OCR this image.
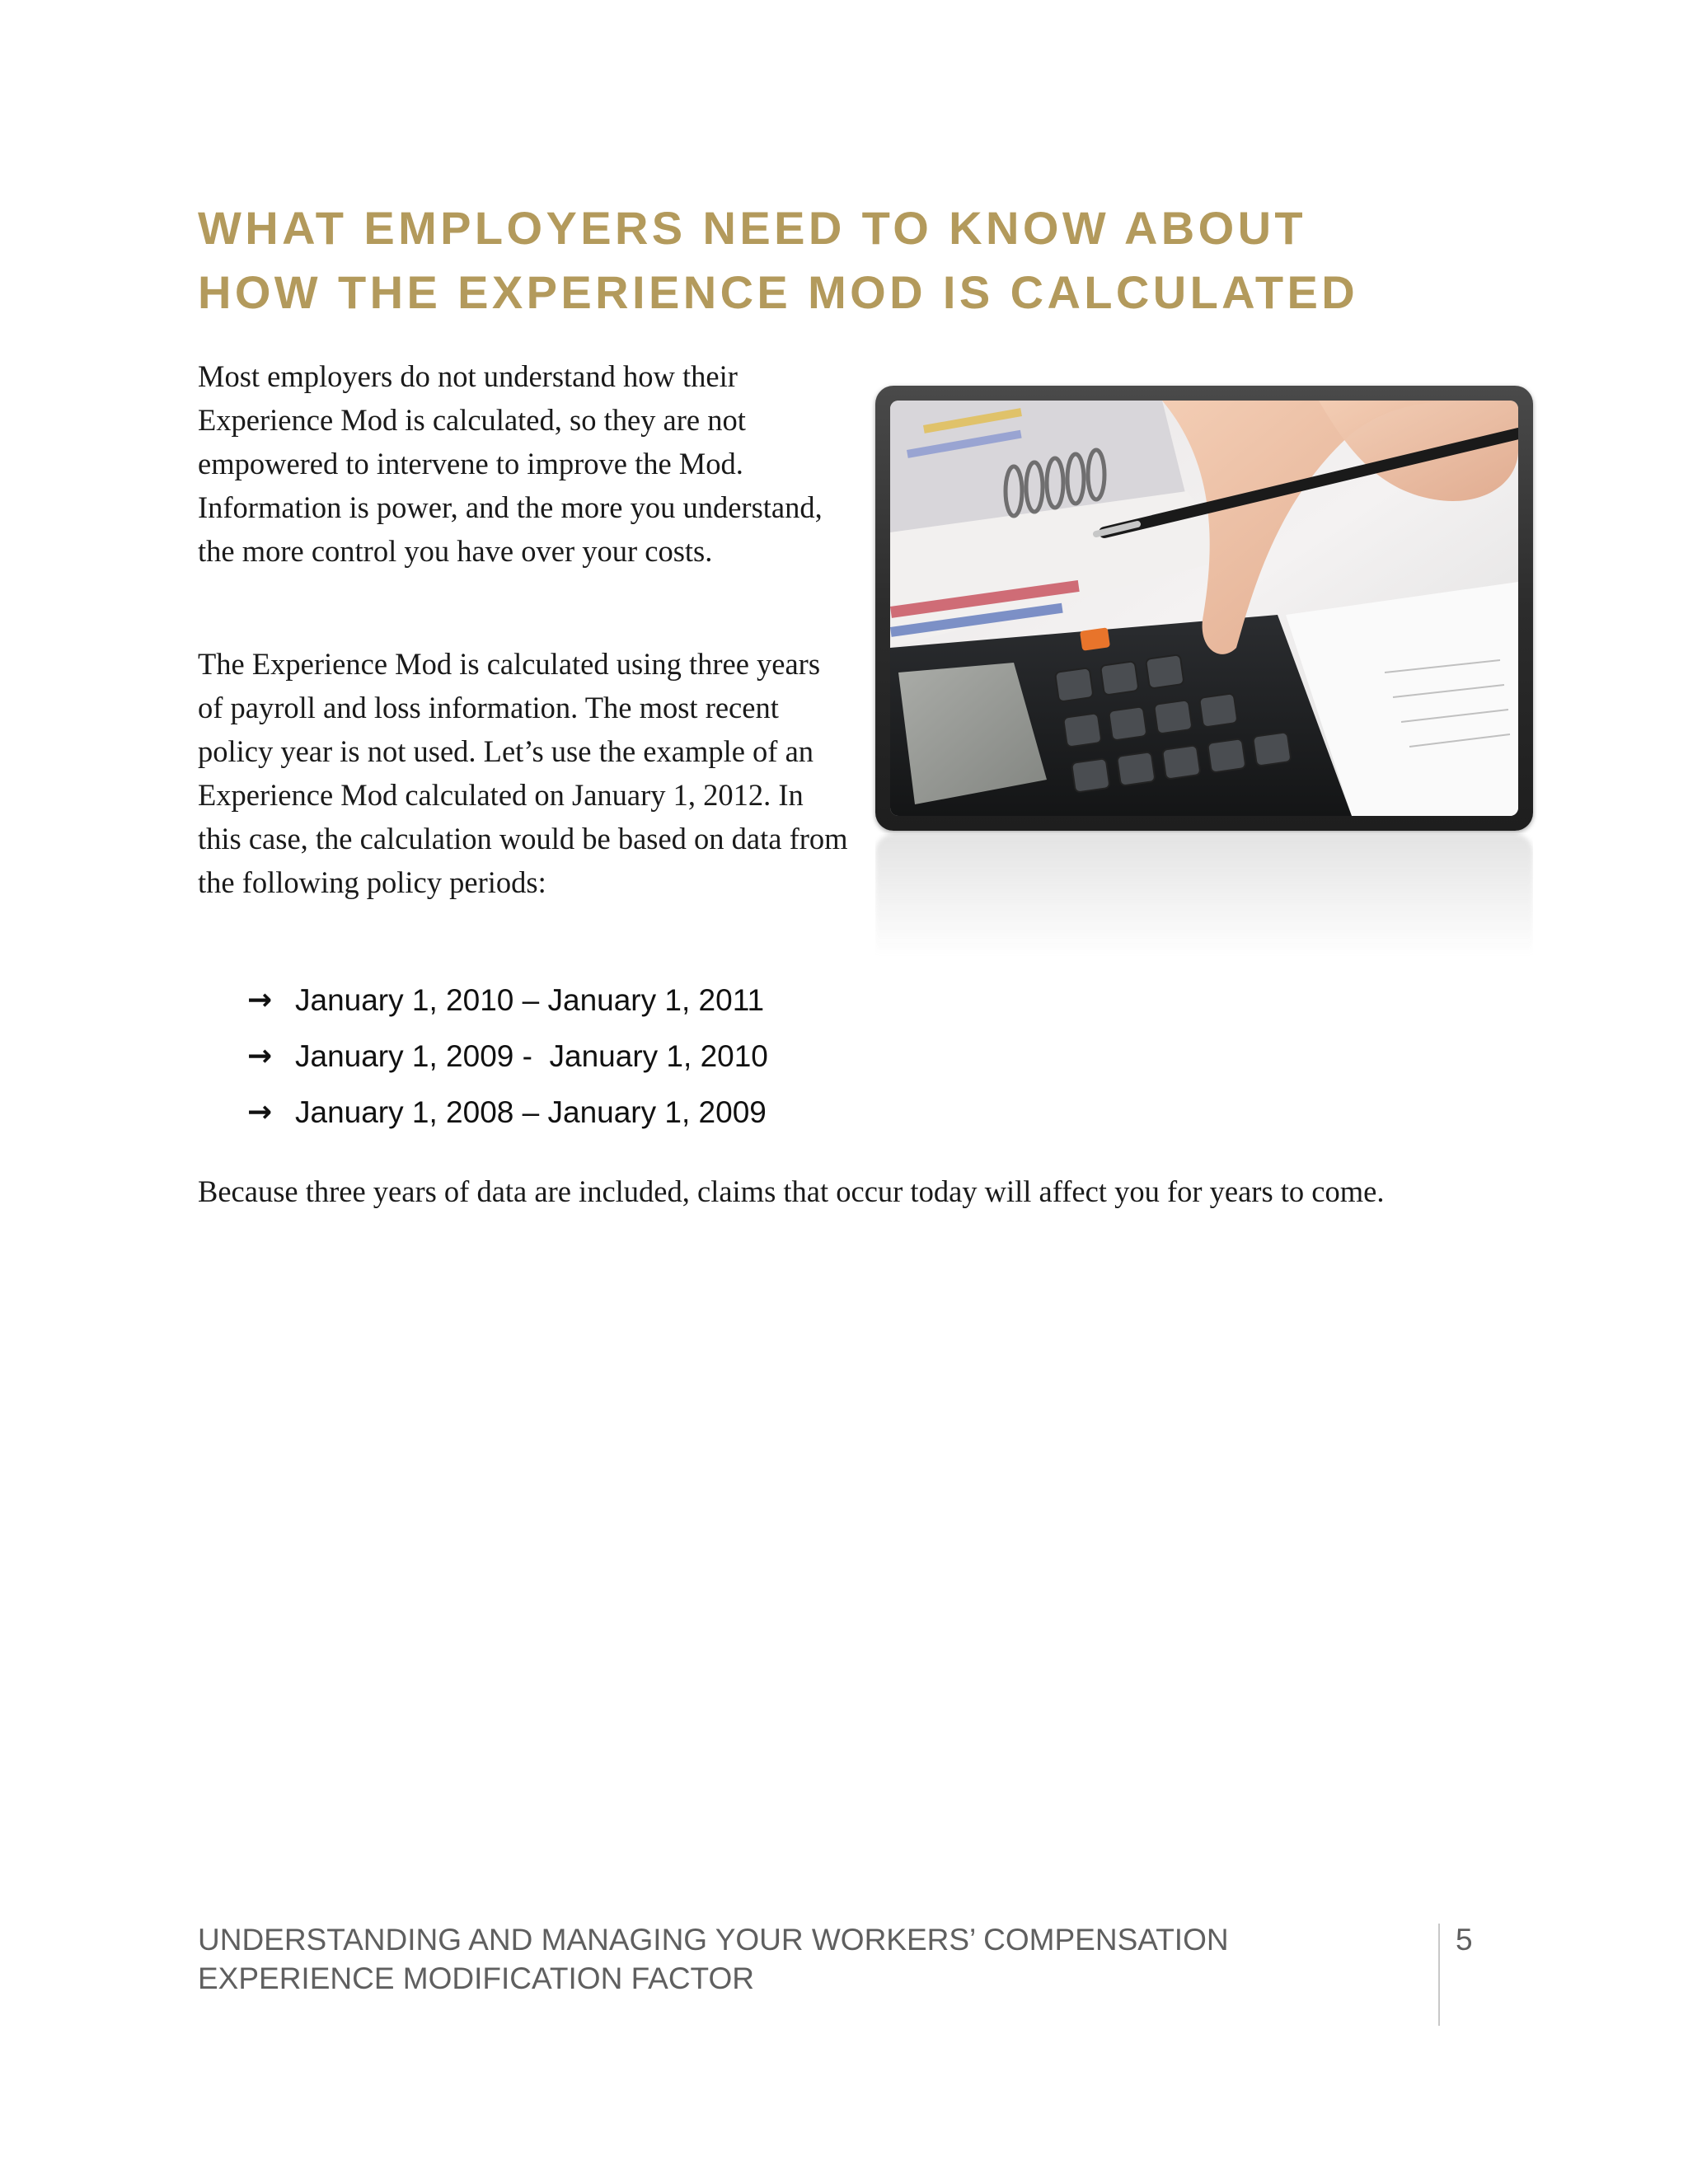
WHAT EMPLOYERS NEED TO KNOW ABOUT
HOW THE EXPERIENCE MOD IS CALCULATED

Most employers do not understand how their Experience Mod is calculated, so they are not empowered to intervene to improve the Mod. Information is power, and the more you understand, the more control you have over your costs.

The Experience Mod is calculated using three years of payroll and loss information. The most recent policy year is not used. Let’s use the example of an Experience Mod calculated on January 1, 2012. In this case, the calculation would be based on data from the following policy periods:

→ January 1, 2010 – January 1, 2011
→ January 1, 2009 -  January 1, 2010
→ January 1, 2008 – January 1, 2009

Because three years of data are included, claims that occur today will affect you for years to come.

UNDERSTANDING AND MANAGING YOUR WORKERS’ COMPENSATION
EXPERIENCE MODIFICATION FACTOR
5
